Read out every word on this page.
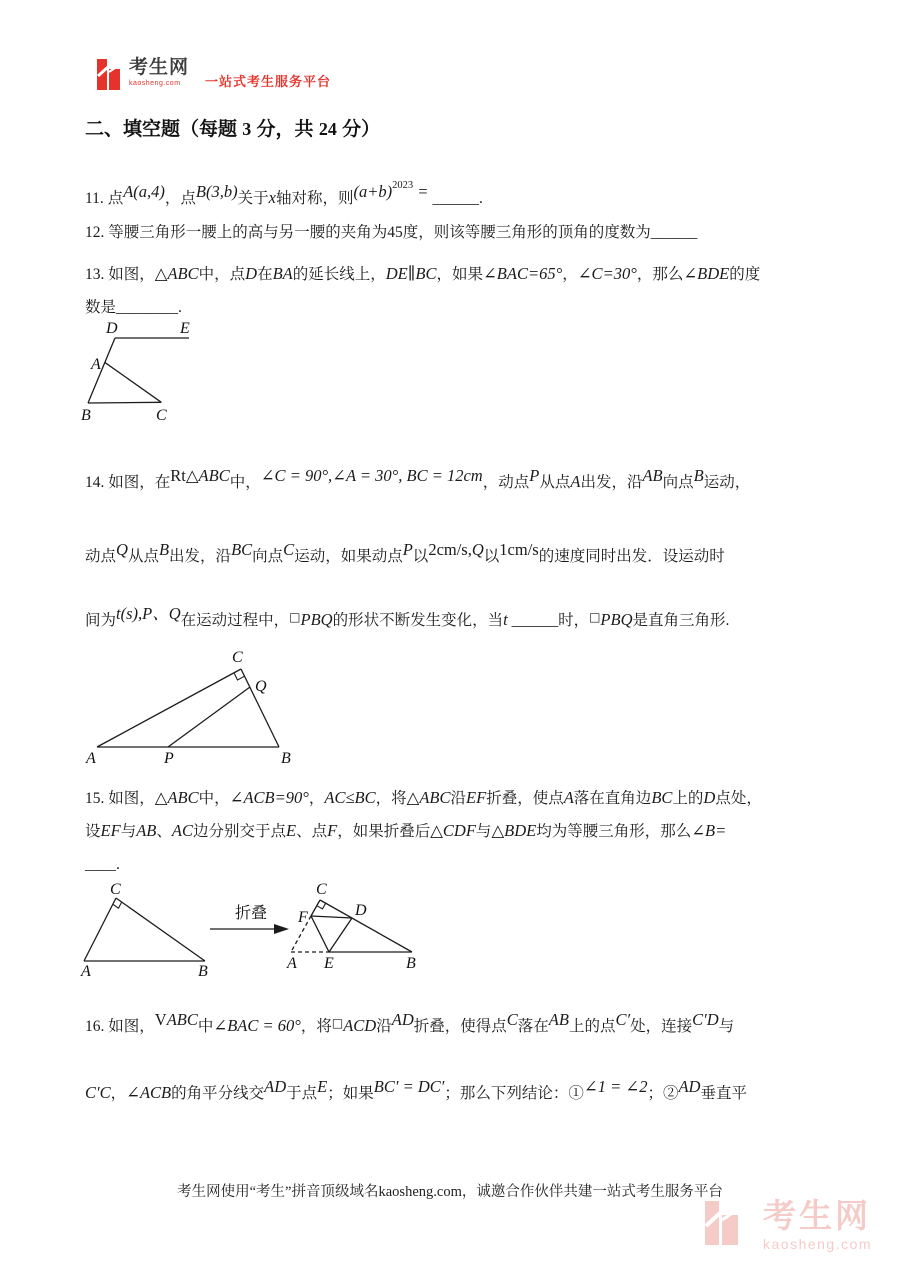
考生网
kaosheng.com	一站式考生服务平台
二、填空题（每题 3 分，共 24 分）
11. 点A(a,4)，点B(3,b)关于x轴对称，则$(a+b)^{2023}$ = ______.
12. 等腰三角形一腰上的高与另一腰的夹角为45度，则该等腰三角形的顶角的度数为______
13. 如图，△ABC中，点D在BA的延长线上，DE∥BC，如果∠BAC=65°，∠C=30°，那么∠BDE的度
数是________.
D	E
A
B	C
14. 如图，在Rt△ABC中，∠C = 90°,∠A = 30°, BC = 12cm，动点P从点A出发，沿AB向点B运动，
动点Q从点B出发，沿BC向点C运动，如果动点P以2cm/s,Q以1cm/s的速度同时出发．设运动时
间为t(s),P、Q在运动过程中，□PBQ的形状不断发生变化，当t ______时，□PBQ是直角三角形.
C
Q
A	P	B
15. 如图，△ABC中，∠ACB=90°，AC≤BC，将△ABC沿EF折叠，使点A落在直角边BC上的D点处，
设EF与AB、AC边分别交于点E、点F，如果折叠后△CDF与△BDE均为等腰三角形，那么∠B=
____.
C
A	B
折叠
C
F	D
A E	B
16. 如图，VABC中∠BAC = 60°，将□ACD沿AD折叠，使得点C落在AB上的点C′处，连接C′D与
C′C，∠ACB的角平分线交AD于点E；如果BC′ = DC′；那么下列结论：①∠1 = ∠2；②AD垂直平
考生网使用“考生”拼音顶级域名kaosheng.com，诚邀合作伙伴共建一站式考生服务平台
考生网
kaosheng.com
